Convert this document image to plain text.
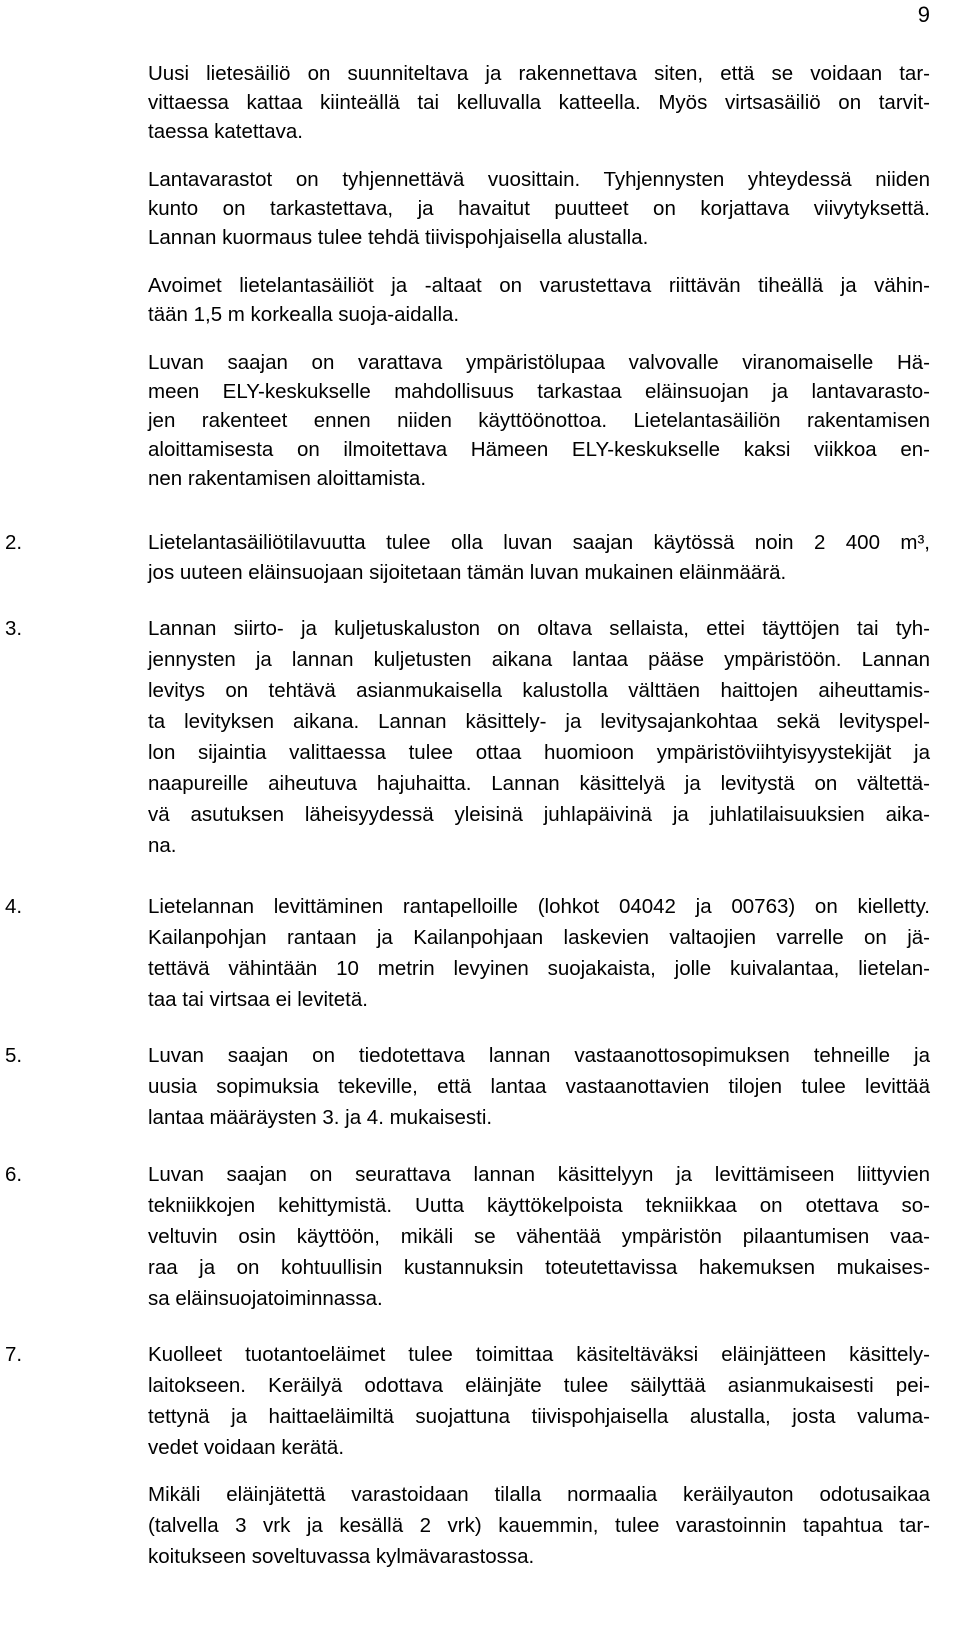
9
Uusi lietesäiliö on suunniteltava ja rakennettava siten, että se voidaan tar-
vittaessa kattaa kiinteällä tai kelluvalla katteella. Myös virtsasäiliö on tarvit-
taessa katettava.
Lantavarastot on tyhjennettävä vuosittain. Tyhjennysten yhteydessä niiden
kunto on tarkastettava, ja havaitut puutteet on korjattava viivytyksettä.
Lannan kuormaus tulee tehdä tiivispohjaisella alustalla.
Avoimet lietelantasäiliöt ja -altaat on varustettava riittävän tiheällä ja vähin-
tään 1,5 m korkealla suoja-aidalla.
Luvan saajan on varattava ympäristölupaa valvovalle viranomaiselle Hä-
meen ELY-keskukselle mahdollisuus tarkastaa eläinsuojan ja lantavarasto-
jen rakenteet ennen niiden käyttöönottoa. Lietelantasäiliön rakentamisen
aloittamisesta on ilmoitettava Hämeen ELY-keskukselle kaksi viikkoa en-
nen rakentamisen aloittamista.
2.	Lietelantasäiliötilavuutta tulee olla luvan saajan käytössä noin 2 400 m³,
jos uuteen eläinsuojaan sijoitetaan tämän luvan mukainen eläinmäärä.
3.	Lannan siirto- ja kuljetuskaluston on oltava sellaista, ettei täyttöjen tai tyh-
jennysten ja lannan kuljetusten aikana lantaa pääse ympäristöön. Lannan
levitys on tehtävä asianmukaisella kalustolla välttäen haittojen aiheuttamis-
ta levityksen aikana. Lannan käsittely- ja levitysajankohtaa sekä levityspel-
lon sijaintia valittaessa tulee ottaa huomioon ympäristöviihtyisyystekijät ja
naapureille aiheutuva hajuhaitta. Lannan käsittelyä ja levitystä on vältettä-
vä asutuksen läheisyydessä yleisinä juhlapäivinä ja juhlatilaisuuksien aika-
na.
4.	Lietelannan levittäminen rantapelloille (lohkot 04042 ja 00763) on kielletty.
Kailanpohjan rantaan ja Kailanpohjaan laskevien valtaojien varrelle on jä-
tettävä vähintään 10 metrin levyinen suojakaista, jolle kuivalantaa, lietelan-
taa tai virtsaa ei levitetä.
5.	Luvan saajan on tiedotettava lannan vastaanottosopimuksen tehneille ja
uusia sopimuksia tekeville, että lantaa vastaanottavien tilojen tulee levittää
lantaa määräysten 3. ja 4. mukaisesti.
6.	Luvan saajan on seurattava lannan käsittelyyn ja levittämiseen liittyvien
tekniikkojen kehittymistä. Uutta käyttökelpoista tekniikkaa on otettava so-
veltuvin osin käyttöön, mikäli se vähentää ympäristön pilaantumisen vaa-
raa ja on kohtuullisin kustannuksin toteutettavissa hakemuksen mukaises-
sa eläinsuojatoiminnassa.
7.	Kuolleet tuotantoeläimet tulee toimittaa käsiteltäväksi eläinjätteen käsittely-
laitokseen. Keräilyä odottava eläinjäte tulee säilyttää asianmukaisesti pei-
tettynä ja haittaeläimiltä suojattuna tiivispohjaisella alustalla, josta valuma-
vedet voidaan kerätä.
Mikäli eläinjätettä varastoidaan tilalla normaalia keräilyauton odotusaikaa
(talvella 3 vrk ja kesällä 2 vrk) kauemmin, tulee varastoinnin tapahtua tar-
koitukseen soveltuvassa kylmävarastossa.
